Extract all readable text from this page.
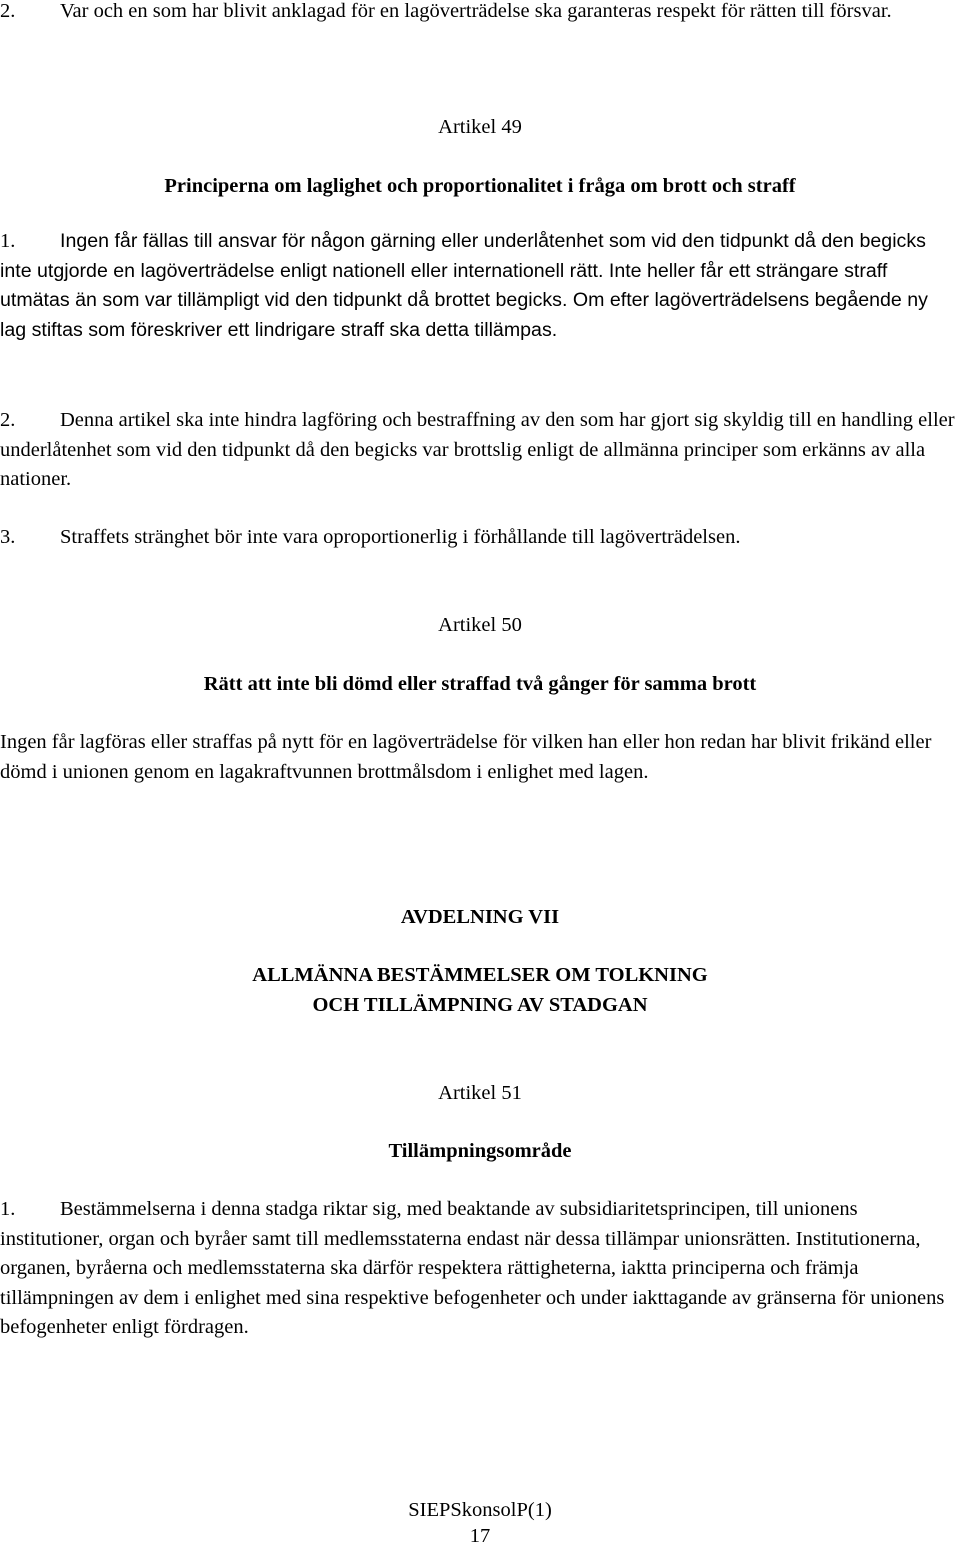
2. Var och en som har blivit anklagad för en lagöverträdelse ska garanteras respekt för rätten till försvar.

Artikel 49

Principerna om laglighet och proportionalitet i fråga om brott och straff

1. Ingen får fällas till ansvar för någon gärning eller underlåtenhet som vid den tidpunkt då den begicks inte utgjorde en lagöverträdelse enligt nationell eller internationell rätt. Inte heller får ett strängare straff utmätas än som var tillämpligt vid den tidpunkt då brottet begicks. Om efter lagöverträdelsens begående ny lag stiftas som föreskriver ett lindrigare straff ska detta tillämpas.

2. Denna artikel ska inte hindra lagföring och bestraffning av den som har gjort sig skyldig till en handling eller underlåtenhet som vid den tidpunkt då den begicks var brottslig enligt de allmänna principer som erkänns av alla nationer.

3. Straffets stränghet bör inte vara oproportionerlig i förhållande till lagöverträdelsen.

Artikel 50

Rätt att inte bli dömd eller straffad två gånger för samma brott

Ingen får lagföras eller straffas på nytt för en lagöverträdelse för vilken han eller hon redan har blivit frikänd eller dömd i unionen genom en lagakraftvunnen brottmålsdom i enlighet med lagen.

AVDELNING VII

ALLMÄNNA BESTÄMMELSER OM TOLKNING

OCH TILLÄMPNING AV STADGAN

Artikel 51

Tillämpningsområde

1. Bestämmelserna i denna stadga riktar sig, med beaktande av subsidiaritetsprincipen, till unionens institutioner, organ och byråer samt till medlemsstaterna endast när dessa tillämpar unionsrätten. Institutionerna, organen, byråerna och medlemsstaterna ska därför respektera rättigheterna, iaktta principerna och främja tillämpningen av dem i enlighet med sina respektive befogenheter och under iakttagande av gränserna för unionens befogenheter enligt fördragen.

SIEPSkonsolP(1)

17
